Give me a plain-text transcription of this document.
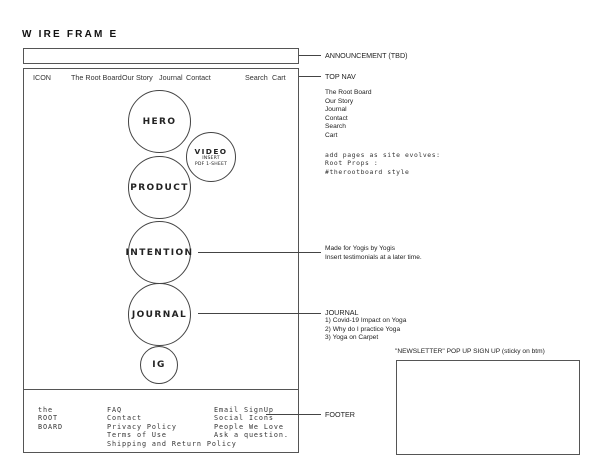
W IRE FRAM E
ANNOUNCEMENT (TBD)
ICON	The Root Board Our Story Journal Contact	Search Cart	TOP NAV
The Root Board
Our Story
Journal
Contact
Search
Cart
add pages as site evolves:
Root Props :
#therootboard style
HERO
VIDEO
INSERT
PDF 1-SHEET
PRODUCT
INTENTION
JOURNAL
IG
Made for Yogis by Yogis
Insert testimonials at a later time.
JOURNAL
1) Covid-19 Impact on Yoga
2) Why do I practice Yoga
3) Yoga on Carpet
"NEWSLETTER" POP UP SIGN UP (sticky on btm)
the
ROOT
BOARD
FAQ
Contact
Privacy Policy
Terms of Use
Shipping and Return Policy
Email SignUp
Social Icons
People We Love
Ask a question.
FOOTER
